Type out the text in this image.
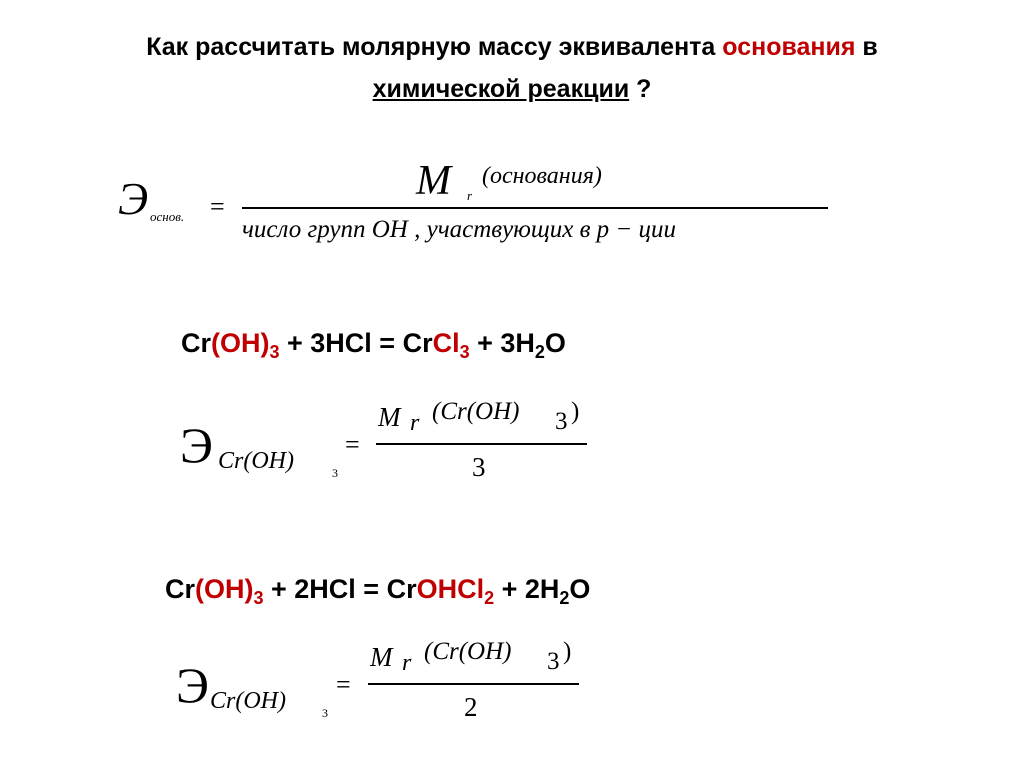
Как рассчитать молярную массу эквивалента основания в
химической реакции ?
Э основ. =
M r
(основания)
число групп OH , участвующих в р − ции
$Cr(OH)_3 + 3HCl$ = CrCl$_3$ + $3H_2O$
Э Cr(OH)	3
=
M r (Cr(OH) 3 )
3
$Cr(OH)_3 + 2HCl$ = CrOHCl$_2$ + $2H_2O$
Э Cr(OH)	3
=
M r (Cr(OH) 3 )
2
